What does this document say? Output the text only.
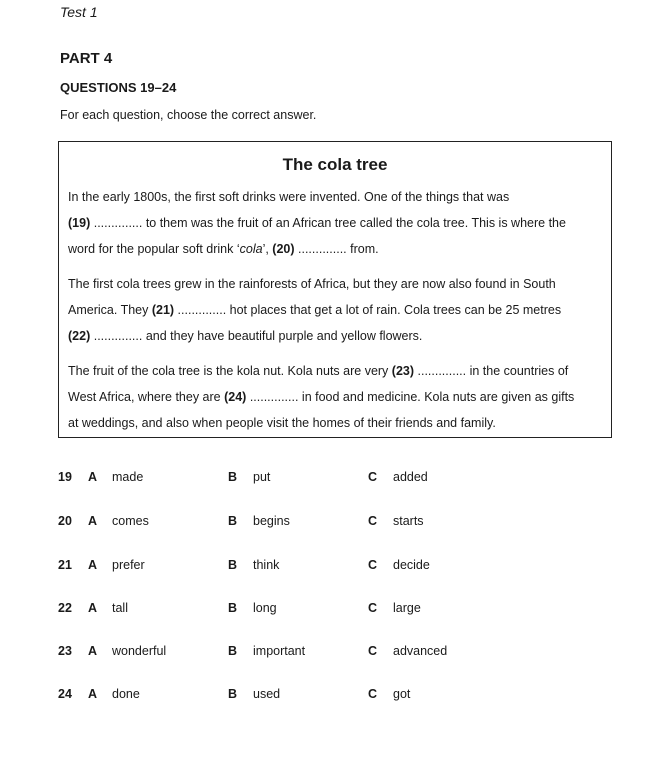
Test 1
PART 4
QUESTIONS 19–24
For each question, choose the correct answer.
The cola tree
In the early 1800s, the first soft drinks were invented. One of the things that was
(19) .............. to them was the fruit of an African tree called the cola tree. This is where the
word for the popular soft drink ‘cola’, (20) .............. from.
The first cola trees grew in the rainforests of Africa, but they are now also found in South
America. They (21) .............. hot places that get a lot of rain. Cola trees can be 25 metres
(22) .............. and they have beautiful purple and yellow flowers.
The fruit of the cola tree is the kola nut. Kola nuts are very (23) .............. in the countries of
West Africa, where they are (24) .............. in food and medicine. Kola nuts are given as gifts
at weddings, and also when people visit the homes of their friends and family.
19 A made	B put	C added
20 A comes	B begins	C starts
21 A prefer	B think	C decide
22 A tall	B long	C large
23 A wonderful	B important	C advanced
24 A done	B used	C got
